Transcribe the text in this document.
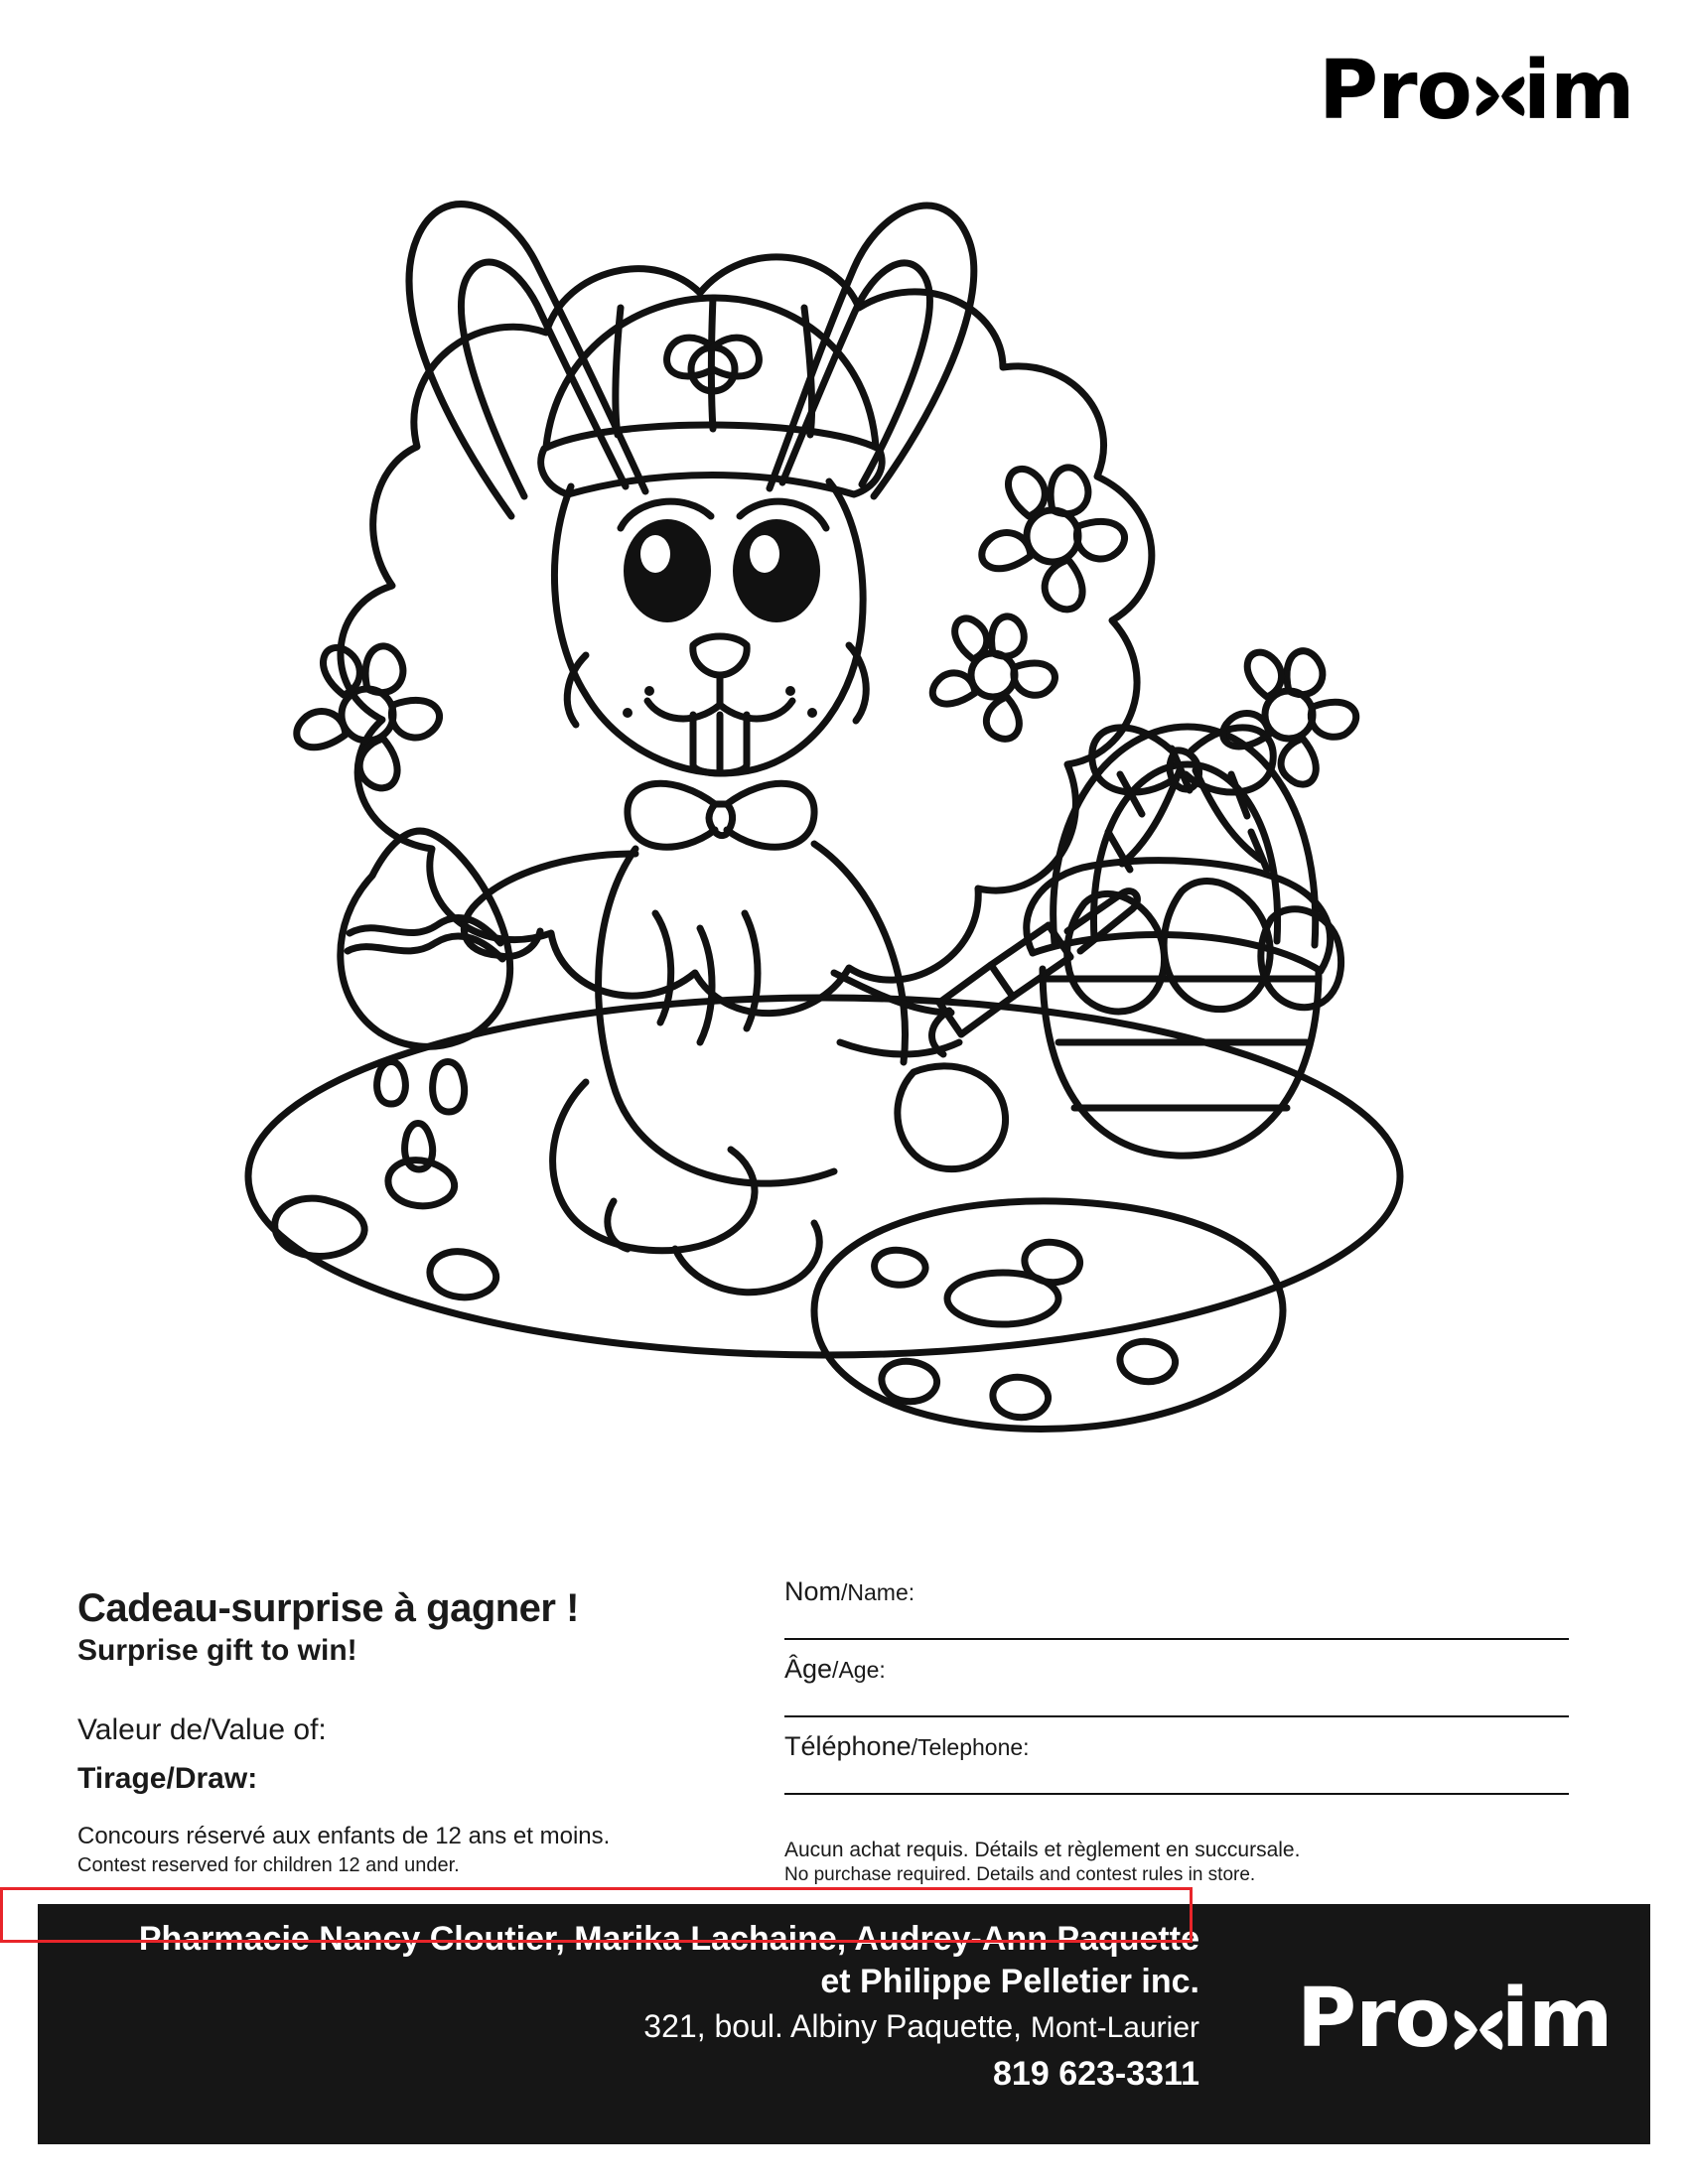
Pro im
Cadeau-surprise à gagner !
Surprise gift to win!
Valeur de/Value of:
Tirage/Draw:
Concours réservé aux enfants de 12 ans et moins.
Contest reserved for children 12 and under.
Nom/Name:
Âge/Age:
Téléphone/Telephone:
Aucun achat requis. Détails et règlement en succursale.
No purchase required. Details and contest rules in store.
Pharmacie Nancy Cloutier, Marika Lachaine, Audrey-Ann Paquette
et Philippe Pelletier inc.
321, boul. Albiny Paquette, Mont-Laurier
819 623-3311
Pro im
